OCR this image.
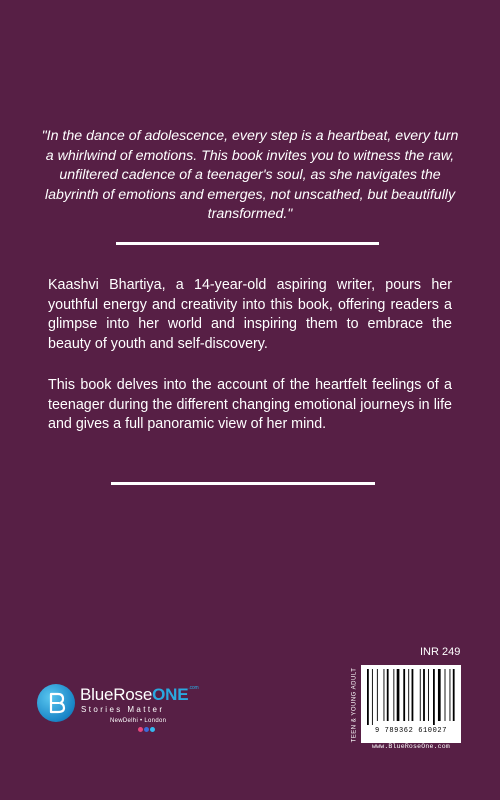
"In the dance of adolescence, every step is a heartbeat, every turn a whirlwind of emotions. This book invites you to witness the raw, unfiltered cadence of a teenager's soul, as she navigates the labyrinth of emotions and emerges, not unscathed, but beautifully transformed."
Kaashvi Bhartiya, a 14-year-old aspiring writer, pours her youthful energy and creativity into this book, offering readers a glimpse into her world and inspiring them to embrace the beauty of youth and self-discovery.
This book delves into the account of the heartfelt feelings of a teenager during the different changing emotional journeys in life and gives a full panoramic view of her mind.
BlueRoseONE$^{.com}$
Stories Matter
NewDelhi • London
INR 249
TEEN & YOUNG ADULT	9 789362 610027
www.BlueRoseOne.com
